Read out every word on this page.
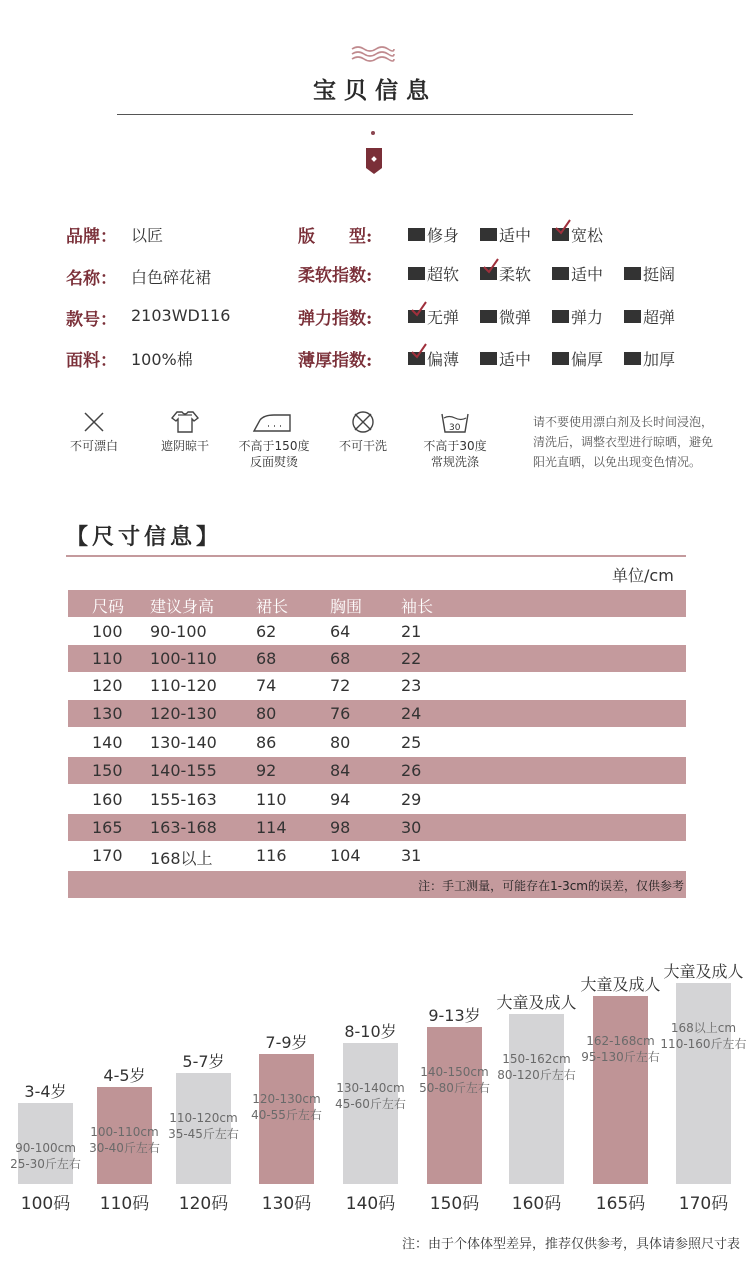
宝贝信息
品牌： 以匠
名称： 白色碎花裙
款号： 2103WD116
面料： 100%棉
版　　型:	修身 适中 宽松
柔软指数:	超软 柔软 适中 挺阔
弹力指数:	无弹 微弹 弹力 超弹
薄厚指数:	偏薄 适中 偏厚 加厚
不可漂白	遮阴晾干	不高于150度
反面熨烫
不可干洗
30
不高于30度
常规洗涤
请不要使用漂白剂及长时间浸泡，
清洗后，调整衣型进行晾晒，避免
阳光直晒，以免出现变色情况。
【尺寸信息】
单位/cm
尺码 建议身高	裙长	胸围 袖长
100 90-100	62	64	21
110 100-110 68	68	22
120 110-120 74	72	23
130 120-130 80	76	24
140 130-140 86	80	25
150 140-155 92	84	26
160 155-163 110	94	29
165 163-168 114	98	30
170 168以上	116	104	31
注：手工测量，可能存在1-3cm的误差，仅供参考
3-4岁
90-100cm
25-30斤左右
100码
4-5岁
100-110cm
30-40斤左右
110码
5-7岁
110-120cm
35-45斤左右
120码
7-9岁
120-130cm
40-55斤左右
130码
8-10岁
130-140cm
45-60斤左右
140码
9-13岁
140-150cm
50-80斤左右
150码
大童及成人
150-162cm
80-120斤左右
160码
大童及成人
162-168cm
95-130斤左右
165码
大童及成人
168以上cm
110-160斤左右
170码
注：由于个体体型差异，推荐仅供参考，具体请参照尺寸表
